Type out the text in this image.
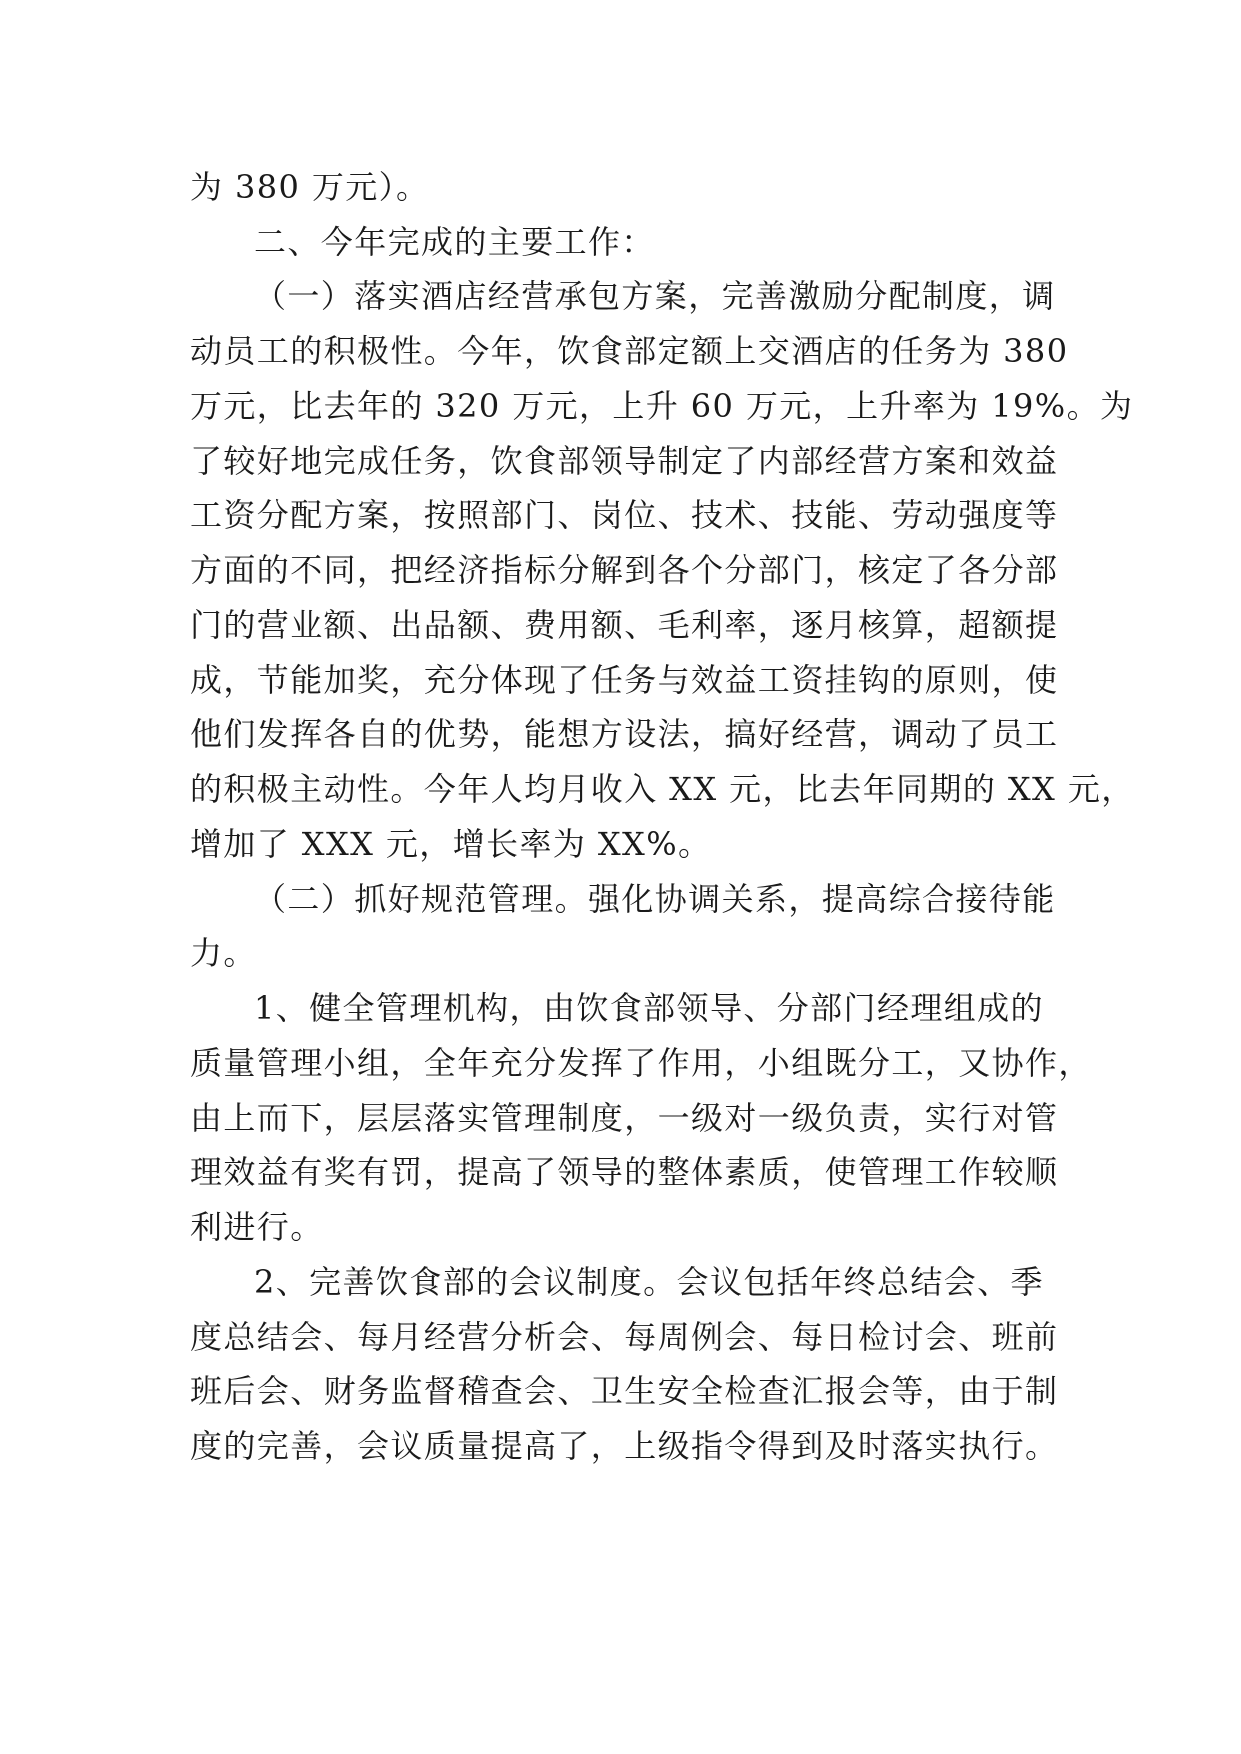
为 380 万元）。
二、今年完成的主要工作：
（一）落实酒店经营承包方案，完善激励分配制度，调
动员工的积极性。今年，饮食部定额上交酒店的任务为 380
万元，比去年的 320 万元，上升 60 万元，上升率为 19%。为
了较好地完成任务，饮食部领导制定了内部经营方案和效益
工资分配方案，按照部门、岗位、技术、技能、劳动强度等
方面的不同，把经济指标分解到各个分部门，核定了各分部
门的营业额、出品额、费用额、毛利率，逐月核算，超额提
成，节能加奖，充分体现了任务与效益工资挂钩的原则，使
他们发挥各自的优势，能想方设法，搞好经营，调动了员工
的积极主动性。今年人均月收入 XX 元，比去年同期的 XX 元，
增加了 XXX 元，增长率为 XX%。
（二）抓好规范管理。强化协调关系，提高综合接待能
力。
1、健全管理机构，由饮食部领导、分部门经理组成的
质量管理小组，全年充分发挥了作用，小组既分工，又协作，
由上而下，层层落实管理制度，一级对一级负责，实行对管
理效益有奖有罚，提高了领导的整体素质，使管理工作较顺
利进行。
2、完善饮食部的会议制度。会议包括年终总结会、季
度总结会、每月经营分析会、每周例会、每日检讨会、班前
班后会、财务监督稽查会、卫生安全检查汇报会等，由于制
度的完善，会议质量提高了，上级指令得到及时落实执行。
